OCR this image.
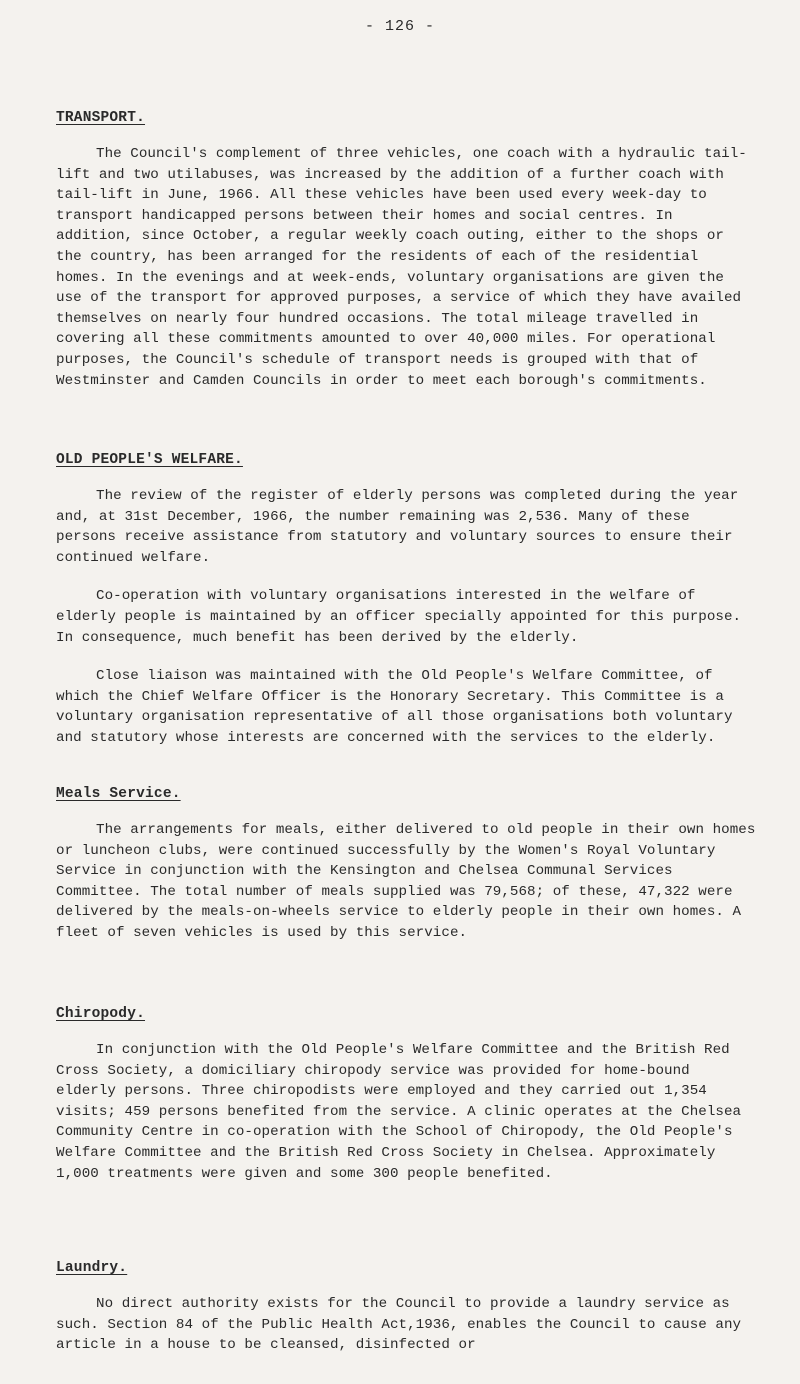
- 126 -

TRANSPORT.

The Council's complement of three vehicles, one coach with a hydraulic tail-lift and two utilabuses, was increased by the addition of a further coach with tail-lift in June, 1966. All these vehicles have been used every week-day to transport handicapped persons between their homes and social centres. In addition, since October, a regular weekly coach outing, either to the shops or the country, has been arranged for the residents of each of the residential homes. In the evenings and at week-ends, voluntary organisations are given the use of the transport for approved purposes, a service of which they have availed themselves on nearly four hundred occasions. The total mileage travelled in covering all these commitments amounted to over 40,000 miles. For operational purposes, the Council's schedule of transport needs is grouped with that of Westminster and Camden Councils in order to meet each borough's commitments.

OLD PEOPLE'S WELFARE.

The review of the register of elderly persons was completed during the year and, at 31st December, 1966, the number remaining was 2,536. Many of these persons receive assistance from statutory and voluntary sources to ensure their continued welfare.

Co-operation with voluntary organisations interested in the welfare of elderly people is maintained by an officer specially appointed for this purpose. In consequence, much benefit has been derived by the elderly.

Close liaison was maintained with the Old People's Welfare Committee, of which the Chief Welfare Officer is the Honorary Secretary. This Committee is a voluntary organisation representative of all those organisations both voluntary and statutory whose interests are concerned with the services to the elderly.

Meals Service.

The arrangements for meals, either delivered to old people in their own homes or luncheon clubs, were continued successfully by the Women's Royal Voluntary Service in conjunction with the Kensington and Chelsea Communal Services Committee. The total number of meals supplied was 79,568; of these, 47,322 were delivered by the meals-on-wheels service to elderly people in their own homes. A fleet of seven vehicles is used by this service.

Chiropody.

In conjunction with the Old People's Welfare Committee and the British Red Cross Society, a domiciliary chiropody service was provided for home-bound elderly persons. Three chiropodists were employed and they carried out 1,354 visits; 459 persons benefited from the service. A clinic operates at the Chelsea Community Centre in co-operation with the School of Chiropody, the Old People's Welfare Committee and the British Red Cross Society in Chelsea. Approximately 1,000 treatments were given and some 300 people benefited.

Laundry.

No direct authority exists for the Council to provide a laundry service as such. Section 84 of the Public Health Act,1936, enables the Council to cause any article in a house to be cleansed, disinfected or
